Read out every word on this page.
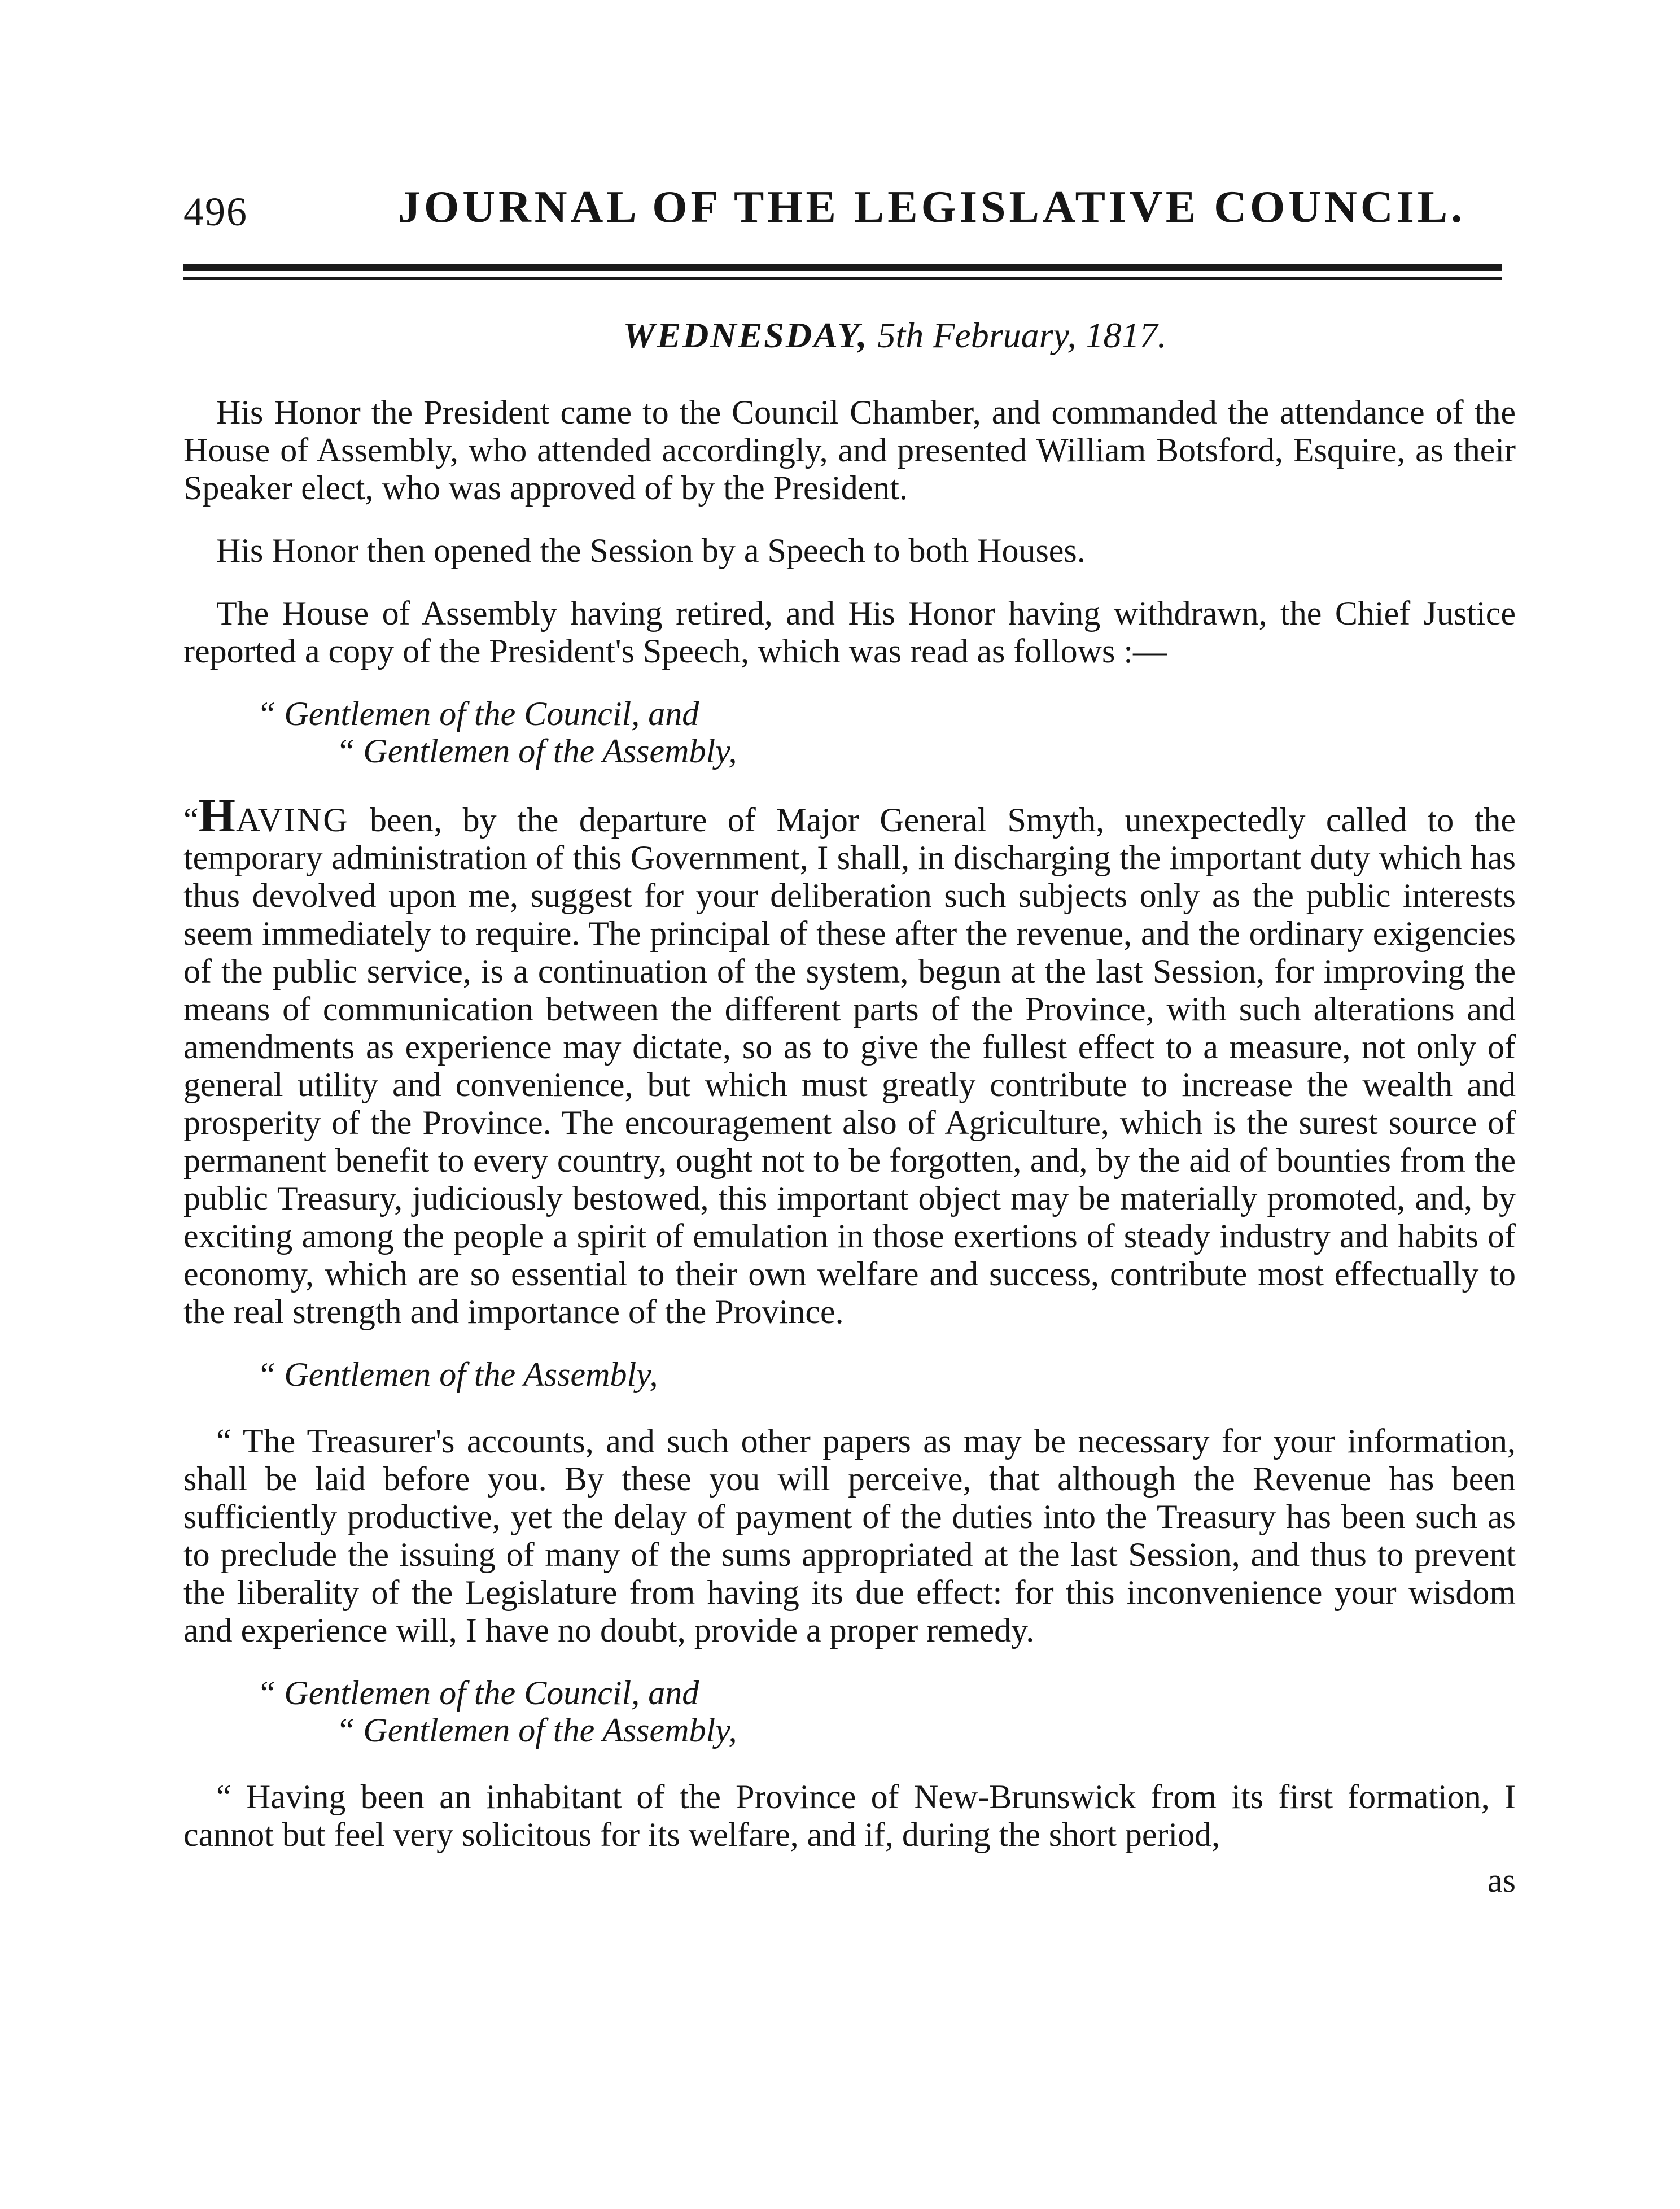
496	JOURNAL OF THE LEGISLATIVE COUNCIL.
WEDNESDAY, 5th February, 1817.

His Honor the President came to the Council Chamber, and commanded the attendance of the House of Assembly, who attended accordingly, and presented William Botsford, Esquire, as their Speaker elect, who was approved of by the President.

His Honor then opened the Session by a Speech to both Houses.

The House of Assembly having retired, and His Honor having withdrawn, the Chief Justice reported a copy of the President's Speech, which was read as follows :—

“ Gentlemen of the Council, and
“ Gentlemen of the Assembly,

“HAVING been, by the departure of Major General Smyth, unexpectedly called to the temporary administration of this Government, I shall, in discharging the important duty which has thus devolved upon me, suggest for your deliberation such subjects only as the public interests seem immediately to require. The principal of these after the revenue, and the ordinary exigencies of the public service, is a continuation of the system, begun at the last Session, for improving the means of communication between the different parts of the Province, with such alterations and amendments as experience may dictate, so as to give the fullest effect to a measure, not only of general utility and convenience, but which must greatly contribute to increase the wealth and prosperity of the Province. The encouragement also of Agriculture, which is the surest source of permanent benefit to every country, ought not to be forgotten, and, by the aid of bounties from the public Treasury, judiciously bestowed, this important object may be materially promoted, and, by exciting among the people a spirit of emulation in those exertions of steady industry and habits of economy, which are so essential to their own welfare and success, contribute most effectually to the real strength and importance of the Province.

“ Gentlemen of the Assembly,

“ The Treasurer's accounts, and such other papers as may be necessary for your information, shall be laid before you. By these you will perceive, that although the Revenue has been sufficiently productive, yet the delay of payment of the duties into the Treasury has been such as to preclude the issuing of many of the sums appropriated at the last Session, and thus to prevent the liberality of the Legislature from having its due effect: for this inconvenience your wisdom and experience will, I have no doubt, provide a proper remedy.

“ Gentlemen of the Council, and
“ Gentlemen of the Assembly,

“ Having been an inhabitant of the Province of New-Brunswick from its first formation, I cannot but feel very solicitous for its welfare, and if, during the short period,

as
